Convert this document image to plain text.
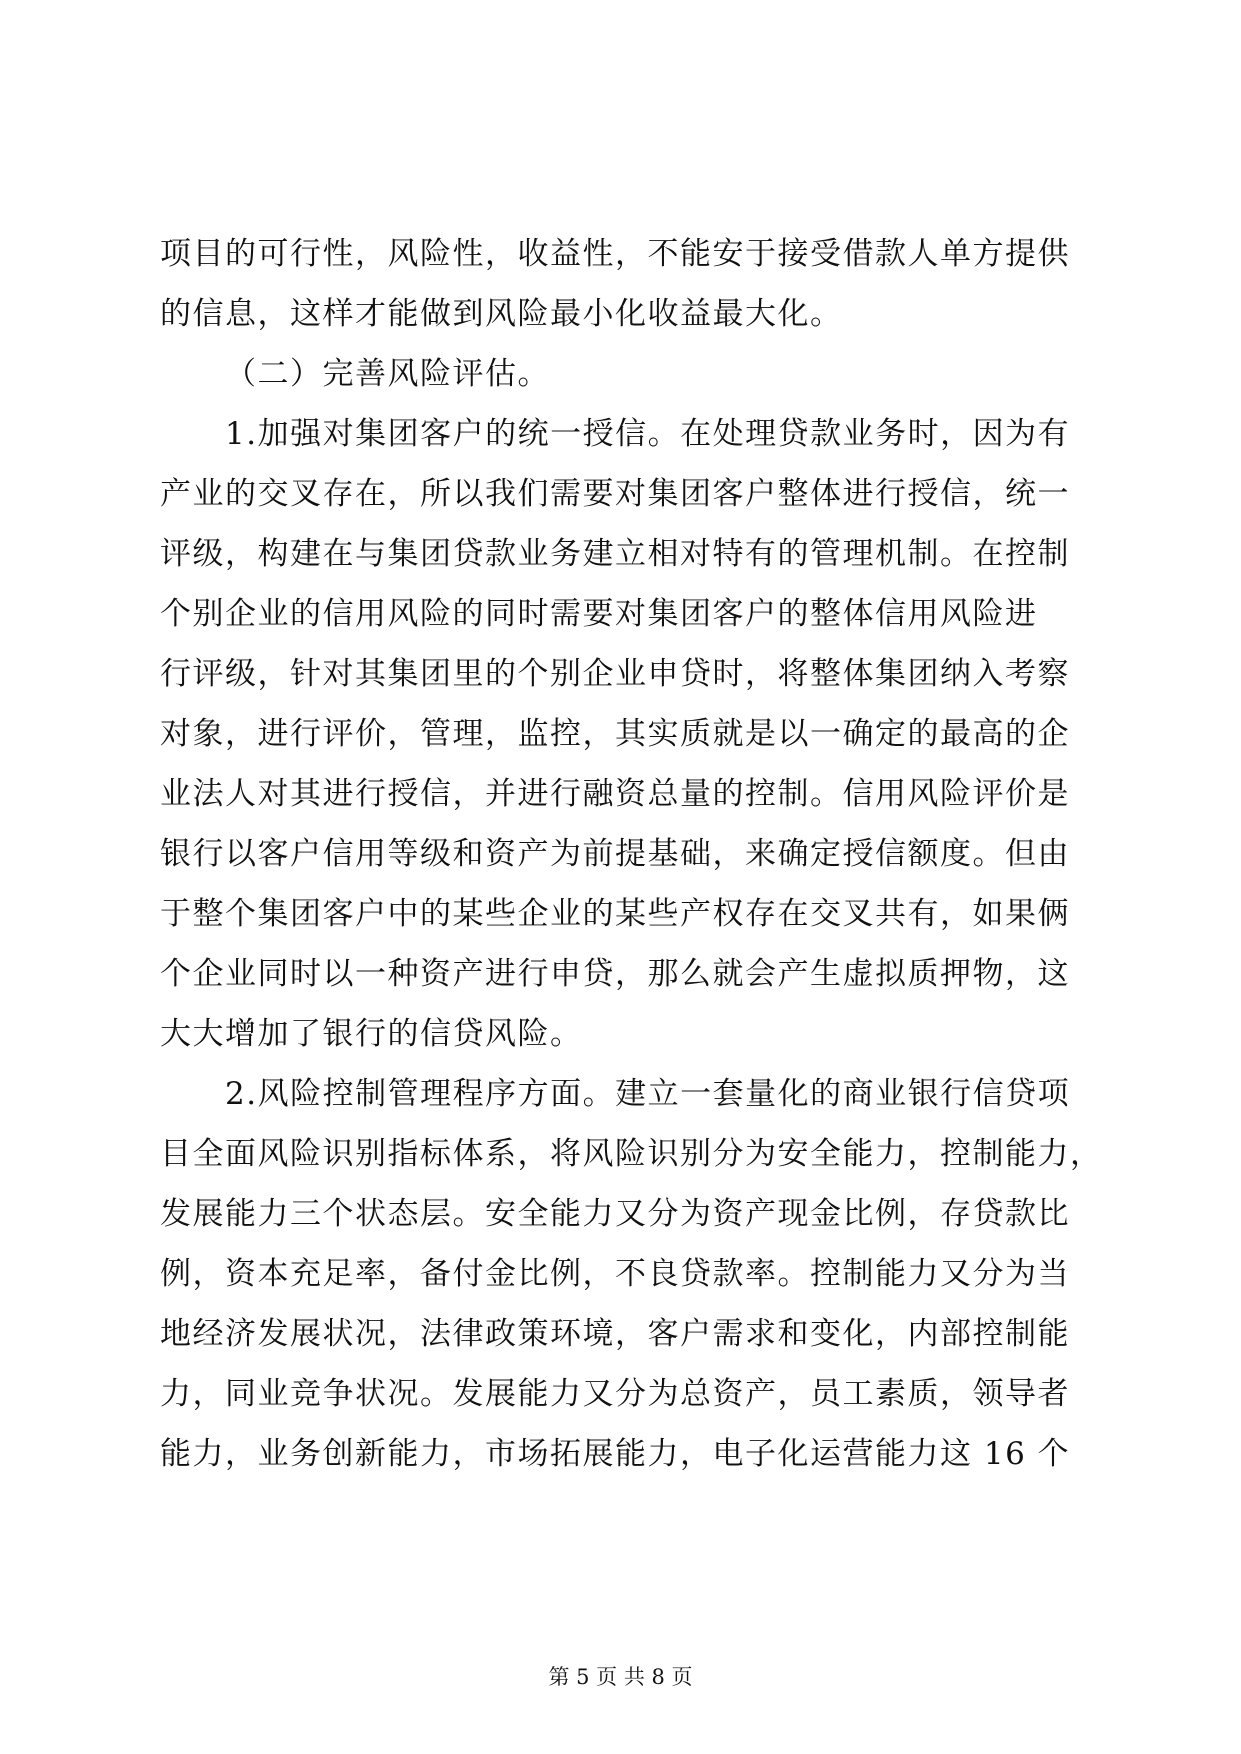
项目的可行性，风险性，收益性，不能安于接受借款人单方提供
的信息，这样才能做到风险最小化收益最大化。
（二）完善风险评估。
1.加强对集团客户的统一授信。在处理贷款业务时，因为有
产业的交叉存在，所以我们需要对集团客户整体进行授信，统一
评级，构建在与集团贷款业务建立相对特有的管理机制。在控制
个别企业的信用风险的同时需要对集团客户的整体信用风险进
行评级，针对其集团里的个别企业申贷时，将整体集团纳入考察
对象，进行评价，管理，监控，其实质就是以一确定的最高的企
业法人对其进行授信，并进行融资总量的控制。信用风险评价是
银行以客户信用等级和资产为前提基础，来确定授信额度。但由
于整个集团客户中的某些企业的某些产权存在交叉共有，如果俩
个企业同时以一种资产进行申贷，那么就会产生虚拟质押物，这
大大增加了银行的信贷风险。
2.风险控制管理程序方面。建立一套量化的商业银行信贷项
目全面风险识别指标体系，将风险识别分为安全能力，控制能力，
发展能力三个状态层。安全能力又分为资产现金比例，存贷款比
例，资本充足率，备付金比例，不良贷款率。控制能力又分为当
地经济发展状况，法律政策环境，客户需求和变化，内部控制能
力，同业竞争状况。发展能力又分为总资产，员工素质，领导者
能力，业务创新能力，市场拓展能力，电子化运营能力这 16 个
第 5 页 共 8 页
